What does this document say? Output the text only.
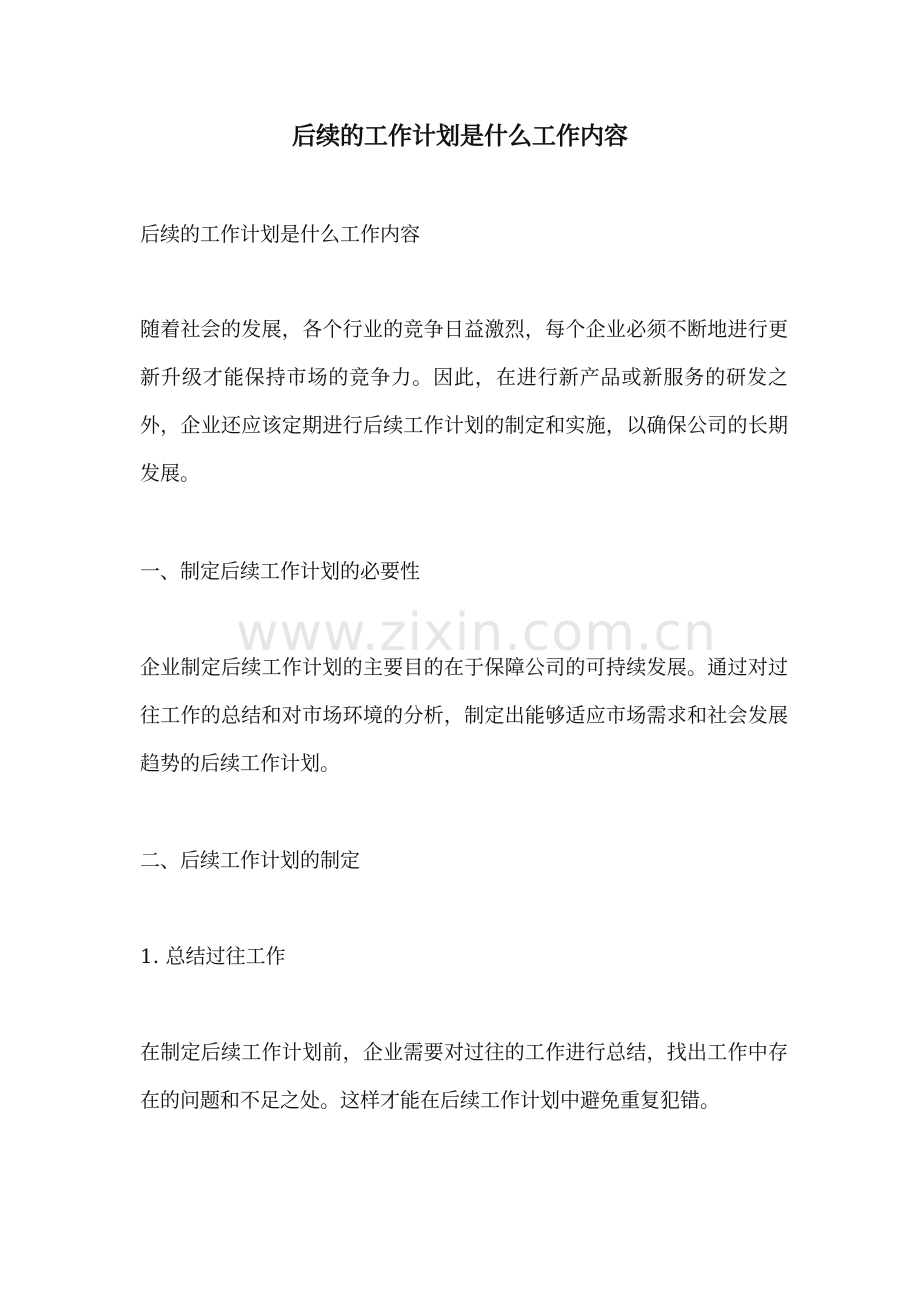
后续的工作计划是什么工作内容

后续的工作计划是什么工作内容

随着社会的发展，各个行业的竞争日益激烈，每个企业必须不断地进行更新升级才能保持市场的竞争力。因此，在进行新产品或新服务的研发之外，企业还应该定期进行后续工作计划的制定和实施，以确保公司的长期发展。

一、制定后续工作计划的必要性

企业制定后续工作计划的主要目的在于保障公司的可持续发展。通过对过往工作的总结和对市场环境的分析，制定出能够适应市场需求和社会发展趋势的后续工作计划。

二、后续工作计划的制定

1. 总结过往工作

在制定后续工作计划前，企业需要对过往的工作进行总结，找出工作中存在的问题和不足之处。这样才能在后续工作计划中避免重复犯错。

www.zixin.com.cn
